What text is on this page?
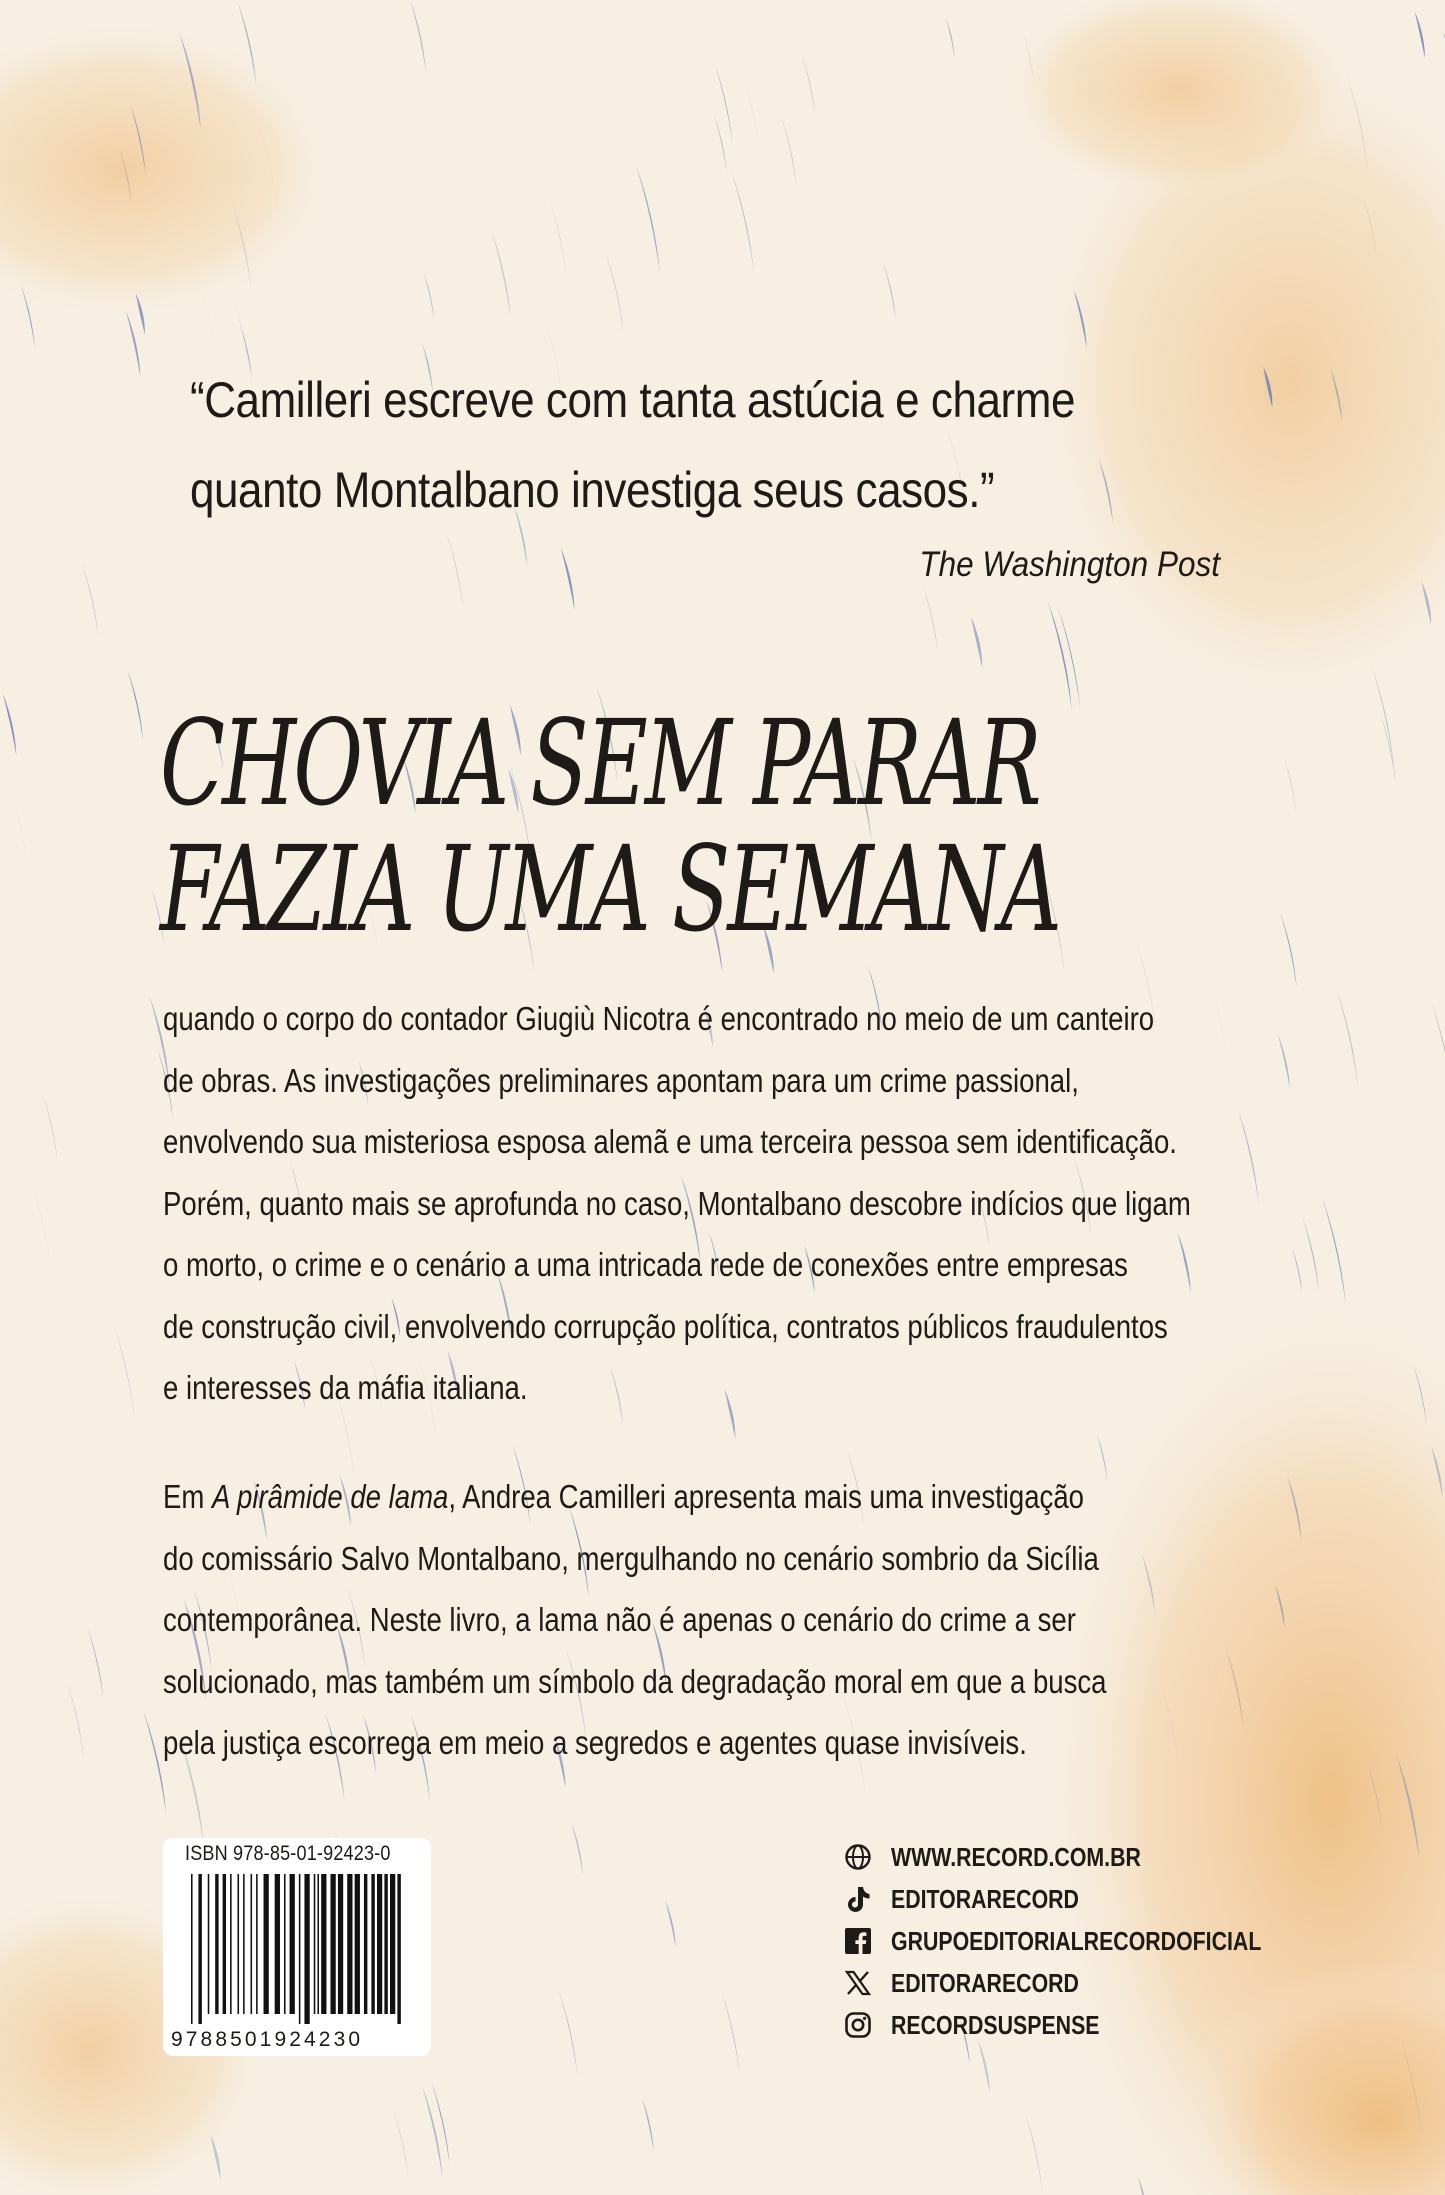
“Camilleri escreve com tanta astúcia e charme
quanto Montalbano investiga seus casos.”

The Washington Post
CHOVIA SEM PARAR
FAZIA UMA SEMANA

quando o corpo do contador Giugiù Nicotra é encontrado no meio de um canteiro
de obras. As investigações preliminares apontam para um crime passional,
envolvendo sua misteriosa esposa alemã e uma terceira pessoa sem identificação.
Porém, quanto mais se aprofunda no caso, Montalbano descobre indícios que ligam
o morto, o crime e o cenário a uma intricada rede de conexões entre empresas
de construção civil, envolvendo corrupção política, contratos públicos fraudulentos
e interesses da máfia italiana.

Em A pirâmide de lama, Andrea Camilleri apresenta mais uma investigação
do comissário Salvo Montalbano, mergulhando no cenário sombrio da Sicília
contemporânea. Neste livro, a lama não é apenas o cenário do crime a ser
solucionado, mas também um símbolo da degradação moral em que a busca
pela justiça escorrega em meio a segredos e agentes quase invisíveis.

ISBN 978-85-01-92423-0
9788501924230
WWW.RECORD.COM.BR
EDITORARECORD
GRUPOEDITORIALRECORDOFICIAL
EDITORARECORD
RECORDSUSPENSE
